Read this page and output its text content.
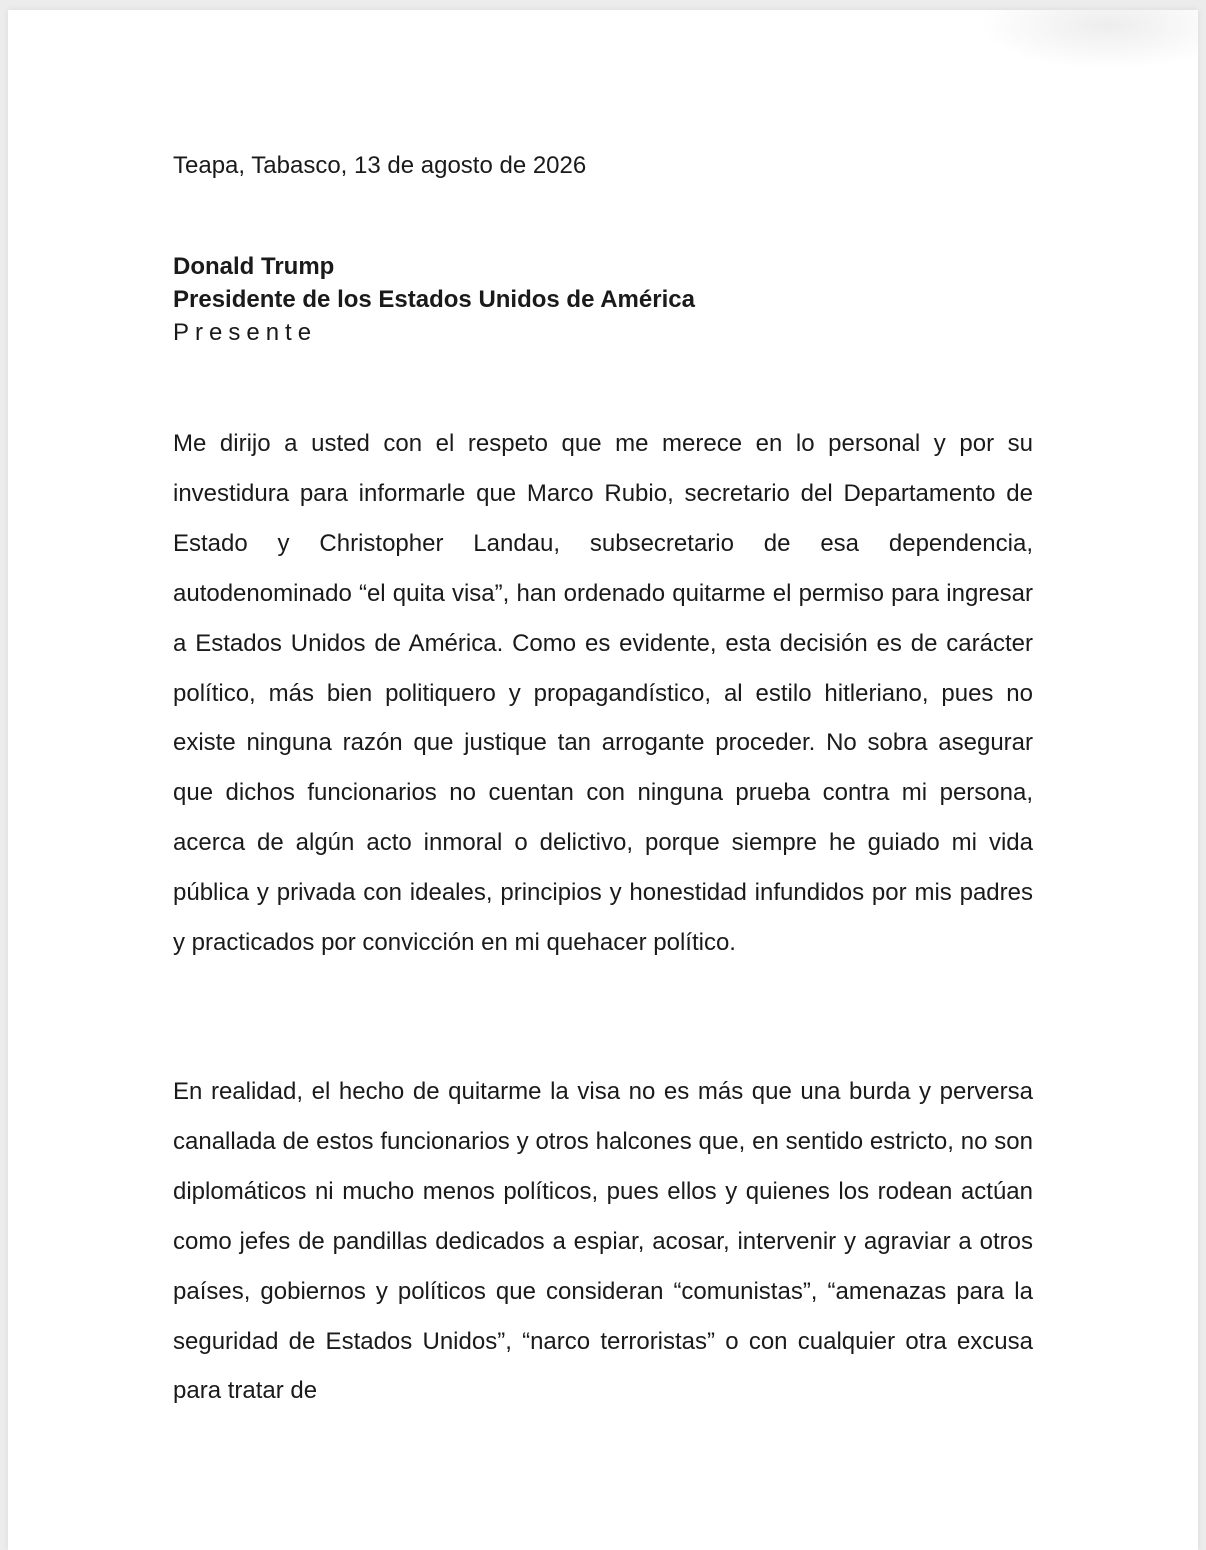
Teapa, Tabasco, 13 de agosto de 2026
Donald Trump
Presidente de los Estados Unidos de América
Presente

Me dirijo a usted con el respeto que me merece en lo personal y por su investidura para informarle que Marco Rubio, secretario del Departamento de Estado y Christopher Landau, subsecretario de esa dependencia, autodenominado “el quita visa”, han ordenado quitarme el permiso para ingresar a Estados Unidos de América. Como es evidente, esta decisión es de carácter político, más bien politiquero y propagandístico, al estilo hitleriano, pues no existe ninguna razón que justique tan arrogante proceder. No sobra asegurar que dichos funcionarios no cuentan con ninguna prueba contra mi persona, acerca de algún acto inmoral o delictivo, porque siempre he guiado mi vida pública y privada con ideales, principios y honestidad infundidos por mis padres y practicados por convicción en mi quehacer político.

En realidad, el hecho de quitarme la visa no es más que una burda y perversa canallada de estos funcionarios y otros halcones que, en sentido estricto, no son diplomáticos ni mucho menos políticos, pues ellos y quienes los rodean actúan como jefes de pandillas dedicados a espiar, acosar, intervenir y agraviar a otros países, gobiernos y políticos que consideran “comunistas”, “amenazas para la seguridad de Estados Unidos”, “narco terroristas” o con cualquier otra excusa para tratar de
